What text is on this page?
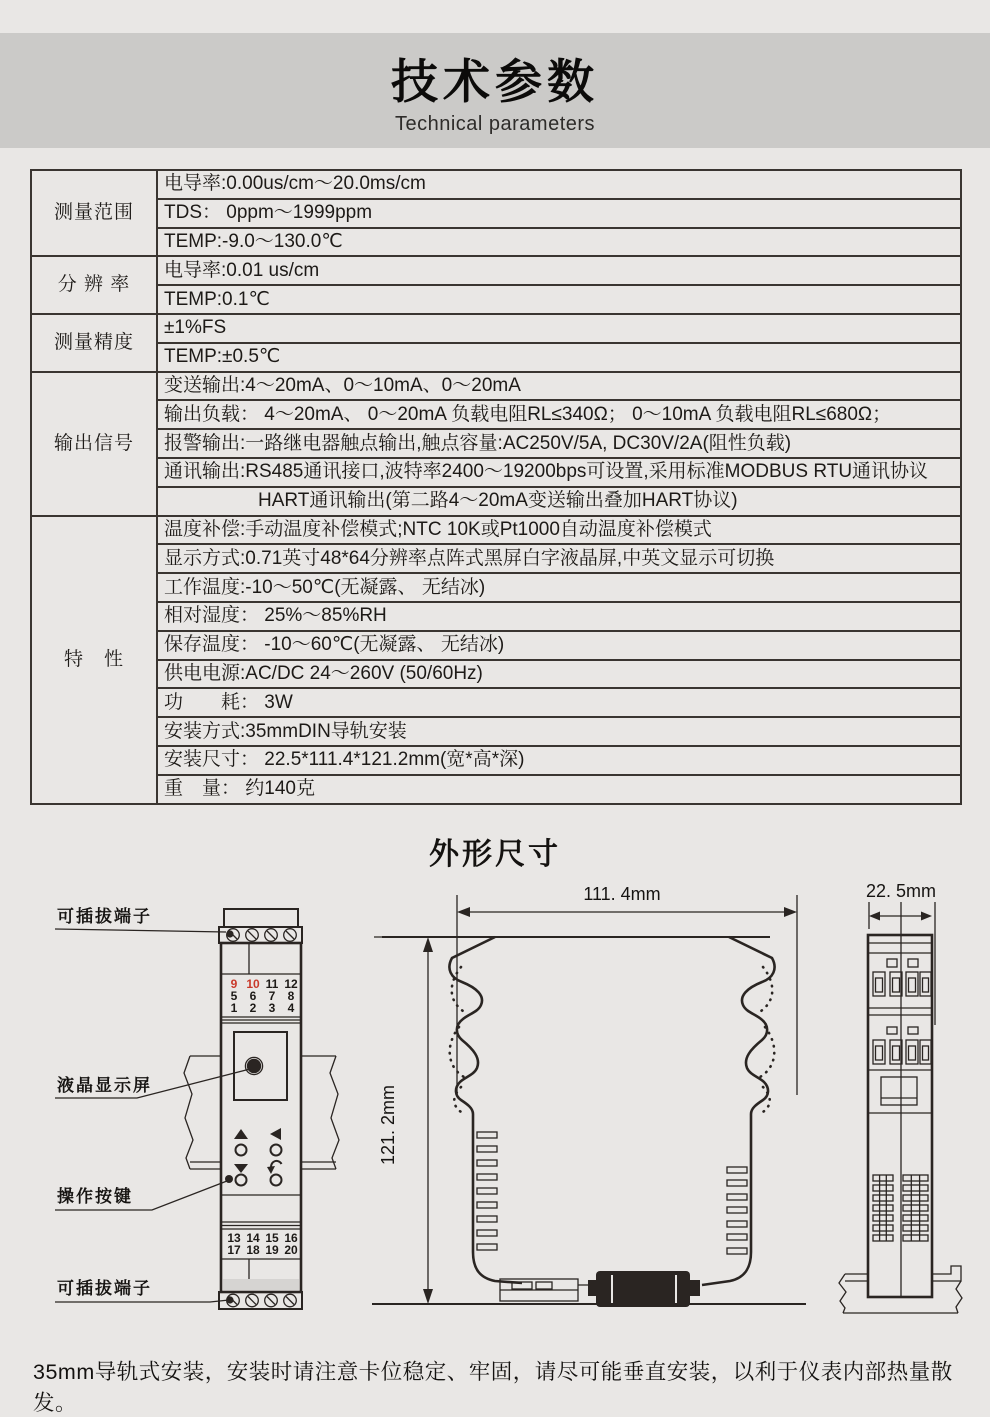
技术参数
Technical parameters
测量范围	电导率:0.00us/cm～20.0ms/cm
	TDS： 0ppm～1999ppm
	TEMP:-9.0～130.0℃
分 辨 率	电导率:0.01 us/cm
	TEMP:0.1℃
测量精度	±1%FS
	TEMP:±0.5℃
输出信号	变送输出:4～20mA、0～10mA、0～20mA
	输出负载： 4～20mA、 0～20mA 负载电阻RL≤340Ω； 0～10mA 负载电阻RL≤680Ω；
	报警输出:一路继电器触点输出,触点容量:AC250V/5A, DC30V/2A(阻性负载)
	通讯输出:RS485通讯接口,波特率2400～19200bps可设置,采用标准MODBUS RTU通讯协议
	HART通讯输出(第二路4～20mA变送输出叠加HART协议)
特　性	温度补偿:手动温度补偿模式;NTC 10K或Pt1000自动温度补偿模式
	显示方式:0.71英寸48*64分辨率点阵式黑屏白字液晶屏,中英文显示可切换
	工作温度:-10～50℃(无凝露、 无结冰)
	相对湿度： 25%～85%RH
	保存温度： -10～60℃(无凝露、 无结冰)
	供电电源:AC/DC 24～260V (50/60Hz)
	功　　耗： 3W
	安装方式:35mmDIN导轨安装
	安装尺寸： 22.5*111.4*121.2mm(宽*高*深)
	重　量： 约140克
外形尺寸
9 10 11 12
5 6 7 8
1 2 3 4
13 14 15 16
17 18 19 20
可插拔端子
液晶显示屏
操作按键
可插拔端子
111. 4mm
121. 2mm
22. 5mm
35mm导轨式安装，安装时请注意卡位稳定、牢固，请尽可能垂直安装，以利于仪表内部热量散发。
